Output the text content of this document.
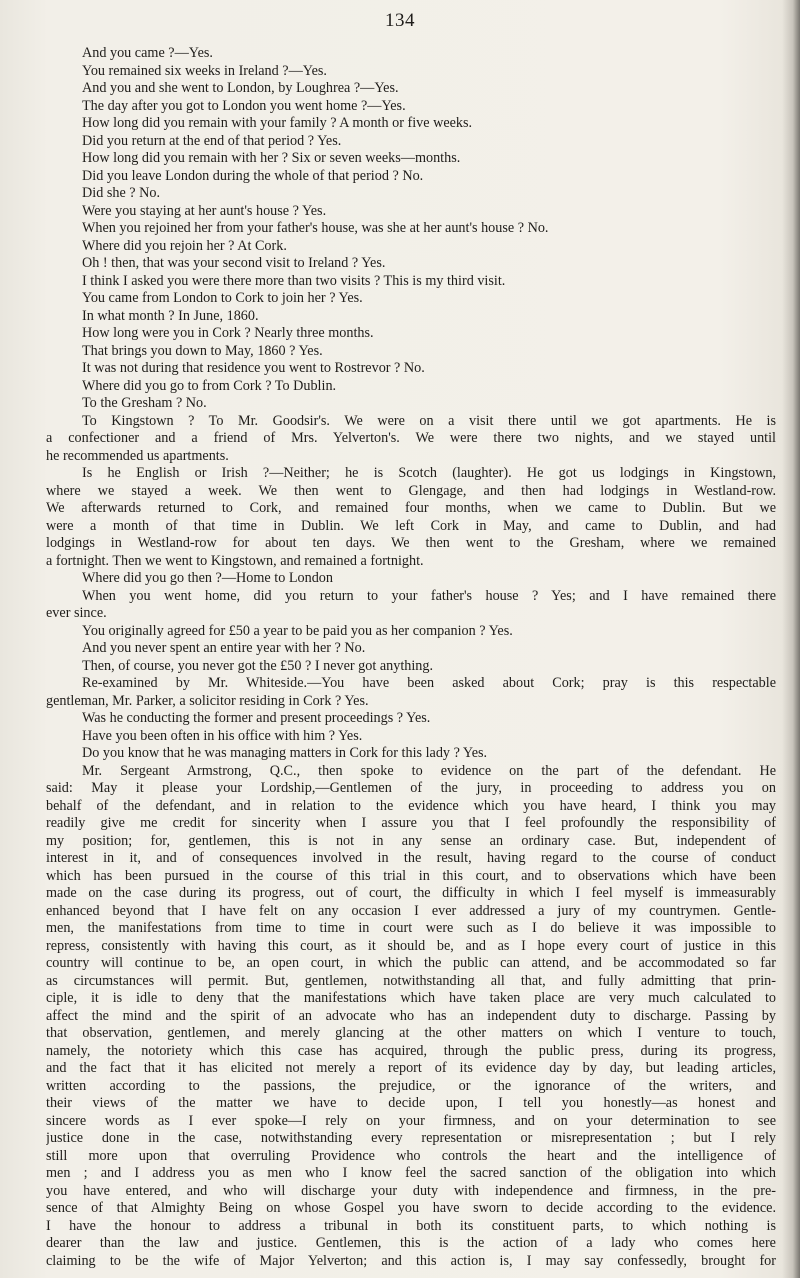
134
And you came ?—Yes.
You remained six weeks in Ireland ?—Yes.
And you and she went to London, by Loughrea ?—Yes.
The day after you got to London you went home ?—Yes.
How long did you remain with your family ? A month or five weeks.
Did you return at the end of that period ? Yes.
How long did you remain with her ? Six or seven weeks—months.
Did you leave London during the whole of that period ? No.
Did she ? No.
Were you staying at her aunt's house ? Yes.
When you rejoined her from your father's house, was she at her aunt's house ? No.
Where did you rejoin her ? At Cork.
Oh ! then, that was your second visit to Ireland ? Yes.
I think I asked you were there more than two visits ? This is my third visit.
You came from London to Cork to join her ? Yes.
In what month ? In June, 1860.
How long were you in Cork ? Nearly three months.
That brings you down to May, 1860 ? Yes.
It was not during that residence you went to Rostrevor ? No.
Where did you go to from Cork ? To Dublin.
To the Gresham ? No.
To Kingstown ? To Mr. Goodsir's. We were on a visit there until we got apartments. He is
a confectioner and a friend of Mrs. Yelverton's. We were there two nights, and we stayed until
he recommended us apartments.
Is he English or Irish ?—Neither; he is Scotch (laughter). He got us lodgings in Kingstown,
where we stayed a week. We then went to Glengage, and then had lodgings in Westland-row.
We afterwards returned to Cork, and remained four months, when we came to Dublin. But we
were a month of that time in Dublin. We left Cork in May, and came to Dublin, and had
lodgings in Westland-row for about ten days. We then went to the Gresham, where we remained
a fortnight. Then we went to Kingstown, and remained a fortnight.
Where did you go then ?—Home to London
When you went home, did you return to your father's house ? Yes; and I have remained there
ever since.
You originally agreed for £50 a year to be paid you as her companion ? Yes.
And you never spent an entire year with her ? No.
Then, of course, you never got the £50 ? I never got anything.
Re-examined by Mr. Whiteside.—You have been asked about Cork; pray is this respectable
gentleman, Mr. Parker, a solicitor residing in Cork ? Yes.
Was he conducting the former and present proceedings ? Yes.
Have you been often in his office with him ? Yes.
Do you know that he was managing matters in Cork for this lady ? Yes.
Mr. Sergeant Armstrong, Q.C., then spoke to evidence on the part of the defendant. He
said: May it please your Lordship,—Gentlemen of the jury, in proceeding to address you on
behalf of the defendant, and in relation to the evidence which you have heard, I think you may
readily give me credit for sincerity when I assure you that I feel profoundly the responsibility of
my position; for, gentlemen, this is not in any sense an ordinary case. But, independent of
interest in it, and of consequences involved in the result, having regard to the course of conduct
which has been pursued in the course of this trial in this court, and to observations which have been
made on the case during its progress, out of court, the difficulty in which I feel myself is immeasurably
enhanced beyond that I have felt on any occasion I ever addressed a jury of my countrymen. Gentle-
men, the manifestations from time to time in court were such as I do believe it was impossible to
repress, consistently with having this court, as it should be, and as I hope every court of justice in this
country will continue to be, an open court, in which the public can attend, and be accommodated so far
as circumstances will permit. But, gentlemen, notwithstanding all that, and fully admitting that prin-
ciple, it is idle to deny that the manifestations which have taken place are very much calculated to
affect the mind and the spirit of an advocate who has an independent duty to discharge. Passing by
that observation, gentlemen, and merely glancing at the other matters on which I venture to touch,
namely, the notoriety which this case has acquired, through the public press, during its progress,
and the fact that it has elicited not merely a report of its evidence day by day, but leading articles,
written according to the passions, the prejudice, or the ignorance of the writers, and
their views of the matter we have to decide upon, I tell you honestly—as honest and
sincere words as I ever spoke—I rely on your firmness, and on your determination to see
justice done in the case, notwithstanding every representation or misrepresentation ; but I rely
still more upon that overruling Providence who controls the heart and the intelligence of
men ; and I address you as men who I know feel the sacred sanction of the obligation into which
you have entered, and who will discharge your duty with independence and firmness, in the pre-
sence of that Almighty Being on whose Gospel you have sworn to decide according to the evidence.
I have the honour to address a tribunal in both its constituent parts, to which nothing is
dearer than the law and justice. Gentlemen, this is the action of a lady who comes here
claiming to be the wife of Major Yelverton; and this action is, I may say confessedly, brought for
